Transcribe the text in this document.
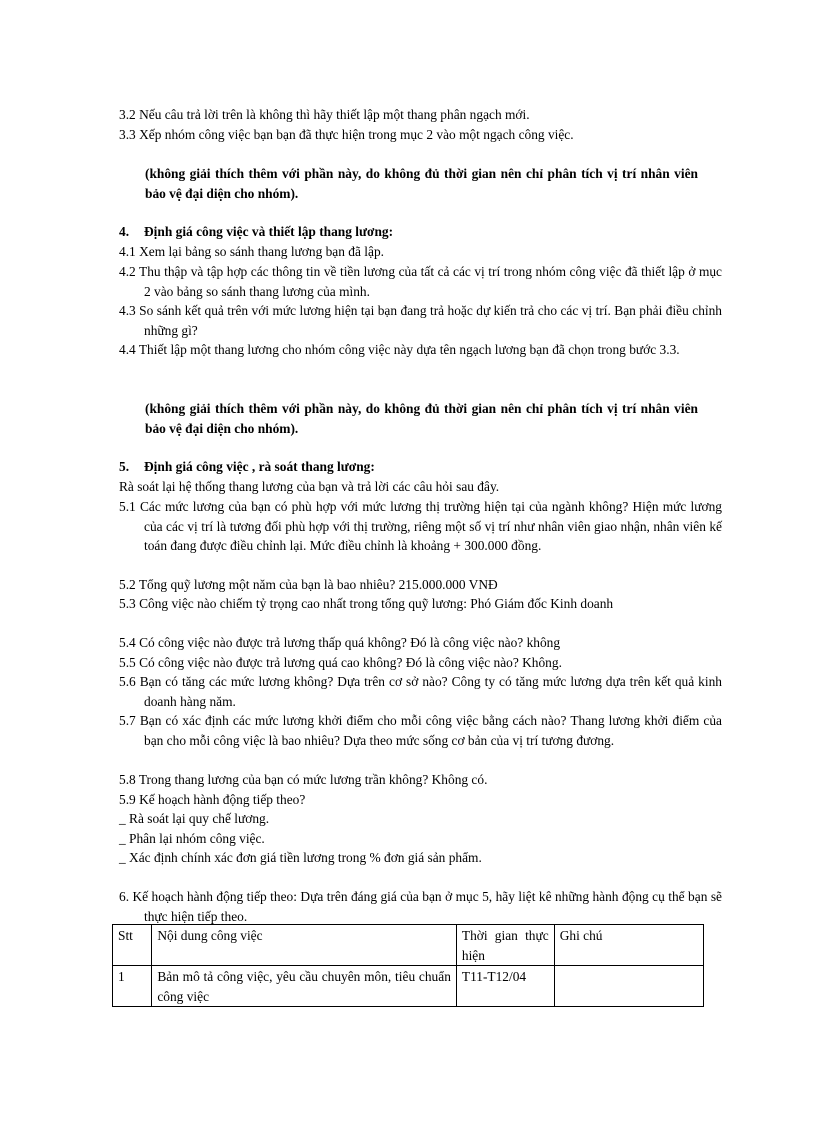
3.2 Nếu câu trả lời trên là không thì hãy thiết lập một thang phân ngạch mới.
3.3 Xếp nhóm công việc bạn bạn đã thực hiện trong mục 2 vào một ngạch công việc.
(không giải thích thêm với phần này, do không đủ thời gian nên chỉ phân tích vị trí nhân viên bảo vệ đại diện cho nhóm).
4. Định giá công việc và thiết lập thang lương:
4.1 Xem lại bảng so sánh thang lương bạn đã lập.
4.2 Thu thập và tập hợp các thông tin về tiền lương của tất cả các vị trí trong nhóm công việc đã thiết lập ở mục 2 vào bảng so sánh thang lương của mình.
4.3 So sánh kết quả trên với mức lương hiện tại bạn đang trả hoặc dự kiến trả cho các vị trí. Bạn phải điều chỉnh những gì?
4.4 Thiết lập một thang lương cho nhóm công việc này dựa tên ngạch lương bạn đã chọn trong bước 3.3.
(không giải thích thêm với phần này, do không đủ thời gian nên chỉ phân tích vị trí nhân viên bảo vệ đại diện cho nhóm).
5. Định giá công việc , rà soát thang lương:
Rà soát lại hệ thống thang lương của bạn và trả lời các câu hỏi sau đây.
5.1 Các mức lương của bạn có phù hợp với mức lương thị trường hiện tại của ngành không? Hiện mức lương của các vị trí là tương đối phù hợp với thị trường, riêng một số vị trí như nhân viên giao nhận, nhân viên kế toán đang được điều chỉnh lại. Mức điều chỉnh là khoảng + 300.000 đồng.
5.2 Tổng quỹ lương một năm của bạn là bao nhiêu? 215.000.000 VNĐ
5.3 Công việc nào chiếm tỷ trọng cao nhất trong tổng quỹ lương: Phó Giám đốc Kinh doanh
5.4 Có công việc nào được trả lương thấp quá không? Đó là công việc nào? không
5.5 Có công việc nào được trả lương quá cao không? Đó là công việc nào? Không.
5.6 Bạn có tăng các mức lương không? Dựa trên cơ sở nào? Công ty có tăng mức lương dựa trên kết quả kinh doanh hàng năm.
5.7 Bạn có xác định các mức lương khởi điểm cho mỗi công việc bằng cách nào? Thang lương khởi điểm của bạn cho mỗi công việc là bao nhiêu? Dựa theo mức sống cơ bản của vị trí tương đương.
5.8 Trong thang lương của bạn có mức lương trần không? Không có.
5.9 Kế hoạch hành động tiếp theo?
_ Rà soát lại quy chế lương.
_ Phân lại nhóm công việc.
_ Xác định chính xác đơn giá tiền lương trong % đơn giá sản phẩm.
6. Kế hoạch hành động tiếp theo: Dựa trên đáng giá của bạn ở mục 5, hãy liệt kê những hành động cụ thể bạn sẽ thực hiện tiếp theo.
Stt	Nội dung công việc	Thời gian thực hiện	Ghi chú
1	Bản mô tả công việc, yêu cầu chuyên môn, tiêu chuẩn công việc	T11-T12/04	
